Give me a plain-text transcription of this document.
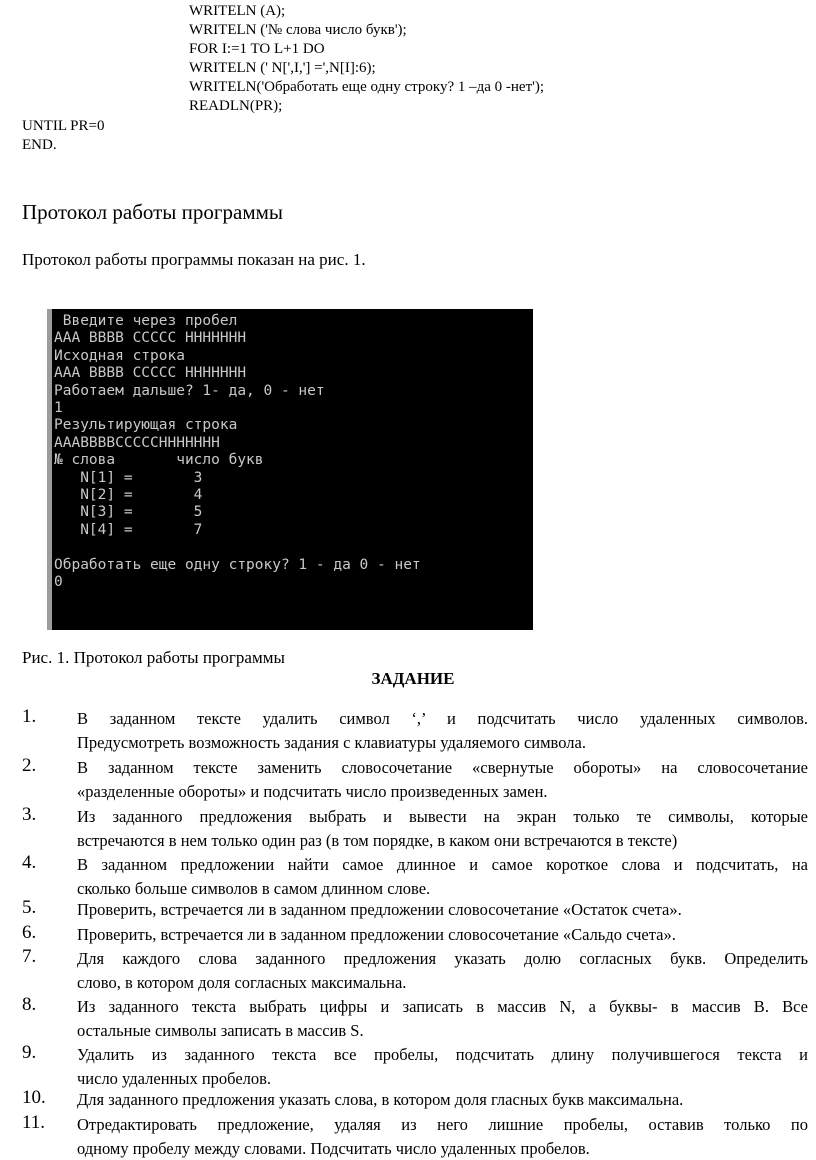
WRITELN (A);
WRITELN ('№ слова число букв');
FOR I:=1 TO L+1 DO
WRITELN (' N[',I,'] =',N[I]:6);
WRITELN('Обработать еще одну строку? 1 –да 0 -нет');
READLN(PR);
UNTIL PR=0
END.
Протокол работы программы
Протокол работы программы показан на рис. 1.
Введите через пробел
ААА ВВВВ ССССС ННННННН
Исходная строка
ААА ВВВВ ССССС ННННННН
Работаем дальше? 1- да, 0 - нет
1
Результирующая строка
АААВВВВСССССННННННН
№ слова       число букв
N[1] =       3
N[2] =       4
N[3] =       5
N[4] =       7
Обработать еще одну строку? 1 - да 0 - нет
0
Рис. 1. Протокол работы программы
ЗАДАНИЕ
1. В заданном тексте удалить символ ‘,’ и подсчитать число удаленных символов.
Предусмотреть возможность задания с клавиатуры удаляемого символа.
2. В заданном тексте заменить словосочетание «свернутые обороты» на словосочетание
«разделенные обороты» и подсчитать число произведенных замен.
3. Из заданного предложения выбрать и вывести на экран только те символы, которые
встречаются в нем только один раз (в том порядке, в каком они встречаются в тексте)
4. В заданном предложении найти самое длинное и самое короткое слова и подсчитать, на
сколько больше символов в самом длинном слове.
5. Проверить, встречается ли в заданном предложении словосочетание «Остаток счета».
6. Проверить, встречается ли в заданном предложении словосочетание «Сальдо счета».
7. Для каждого слова заданного предложения указать долю согласных букв. Определить
слово, в котором доля согласных максимальна.
8. Из заданного текста выбрать цифры и записать в массив N, а буквы- в массив B. Все
остальные символы записать в массив S.
9. Удалить из заданного текста все пробелы, подсчитать длину получившегося текста и
число удаленных пробелов.
10. Для заданного предложения указать слова, в котором доля гласных букв максимальна.
11. Отредактировать предложение, удаляя из него лишние пробелы, оставив только по
одному пробелу между словами. Подсчитать число удаленных пробелов.
